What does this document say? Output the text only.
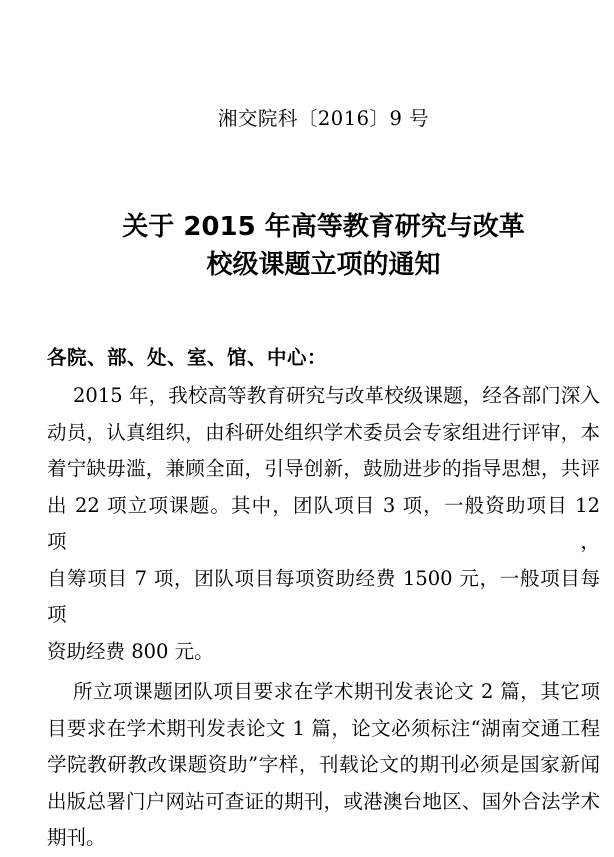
湘交院科〔2016〕9 号
关于 2015 年高等教育研究与改革
校级课题立项的通知
各院、部、处、室、馆、中心：
2015 年，我校高等教育研究与改革校级课题，经各部门深入
动员，认真组织，由科研处组织学术委员会专家组进行评审，本
着宁缺毋滥，兼顾全面，引导创新，鼓励进步的指导思想，共评
出 22 项立项课题。其中，团队项目 3 项，一般资助项目 12 项，
自筹项目 7 项，团队项目每项资助经费 1500 元，一般项目每项
资助经费 800 元。
所立项课题团队项目要求在学术期刊发表论文 2 篇，其它项
目要求在学术期刊发表论文 1 篇，论文必须标注“湖南交通工程
学院教研教改课题资助”字样，刊载论文的期刊必须是国家新闻
出版总署门户网站可查证的期刊，或港澳台地区、国外合法学术
期刊。
